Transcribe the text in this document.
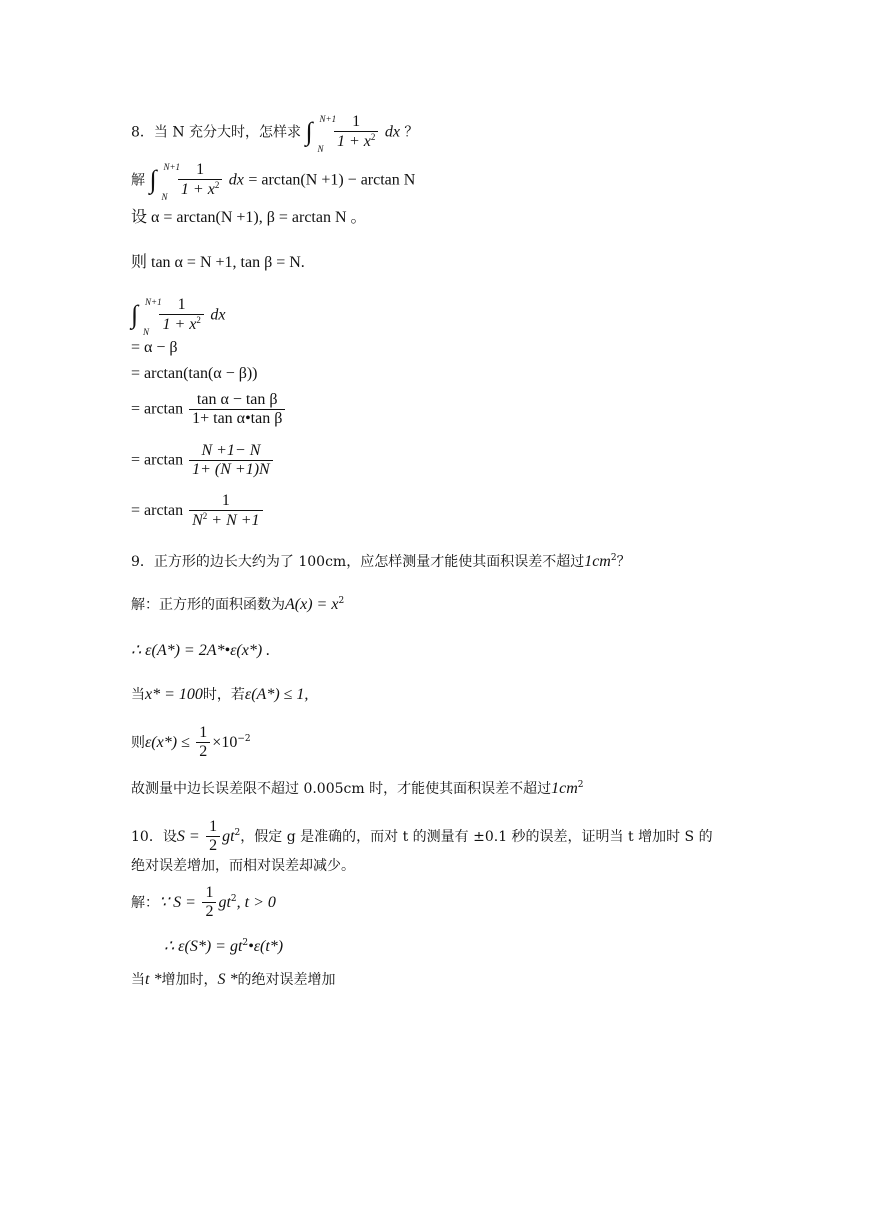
8．当 N 充分大时，怎样求 ∫ N+1
N
$\frac{1}{1 + x^2}$ dx ？
解 ∫ N+1
N
$\frac{1}{1 + x^2}$ dx = arctan(N +1) − arctan N
设 α = arctan(N +1), β = arctan N 。
则 tan α = N +1, tan β = N.
∫ N+1
N
$\frac{1}{1 + x^2}$ dx
= α − β
= arctan(tan(α − β))
= $\arctan \frac{\text{tan α − tan β}}{\text{1+ tan α•tan β}}$
= $\arctan \frac{N +1- N}{1+ (N +1)N}$
= $\arctan \frac{1}{N^2 + N +1}$
9．正方形的边长大约为了 100cm，应怎样测量才能使其面积误差不超过$1cm^2$？
解：正方形的面积函数为$A(x) = x^2$
∴ ε(A*) = 2A*•ε(x*) .
当x* = 100时，若ε(A*) ≤ 1,
则$\varepsilon(x*) \le \frac{1}{2} \times 10^{-2}$
故测量中边长误差限不超过 0.005cm 时，才能使其面积误差不超过$1cm^2$
10．设$S = \frac{1}{2} gt^2$，假定 g 是准确的，而对 t 的测量有 ±0.1 秒的误差，证明当 t 增加时 S 的
绝对误差增加，而相对误差却减少。
解：∵ $S = \frac{1}{2} gt^2$, t > 0
∴ $\varepsilon(S*) = gt^2•\varepsilon(t*)$
当t *增加时，S *的绝对误差增加
